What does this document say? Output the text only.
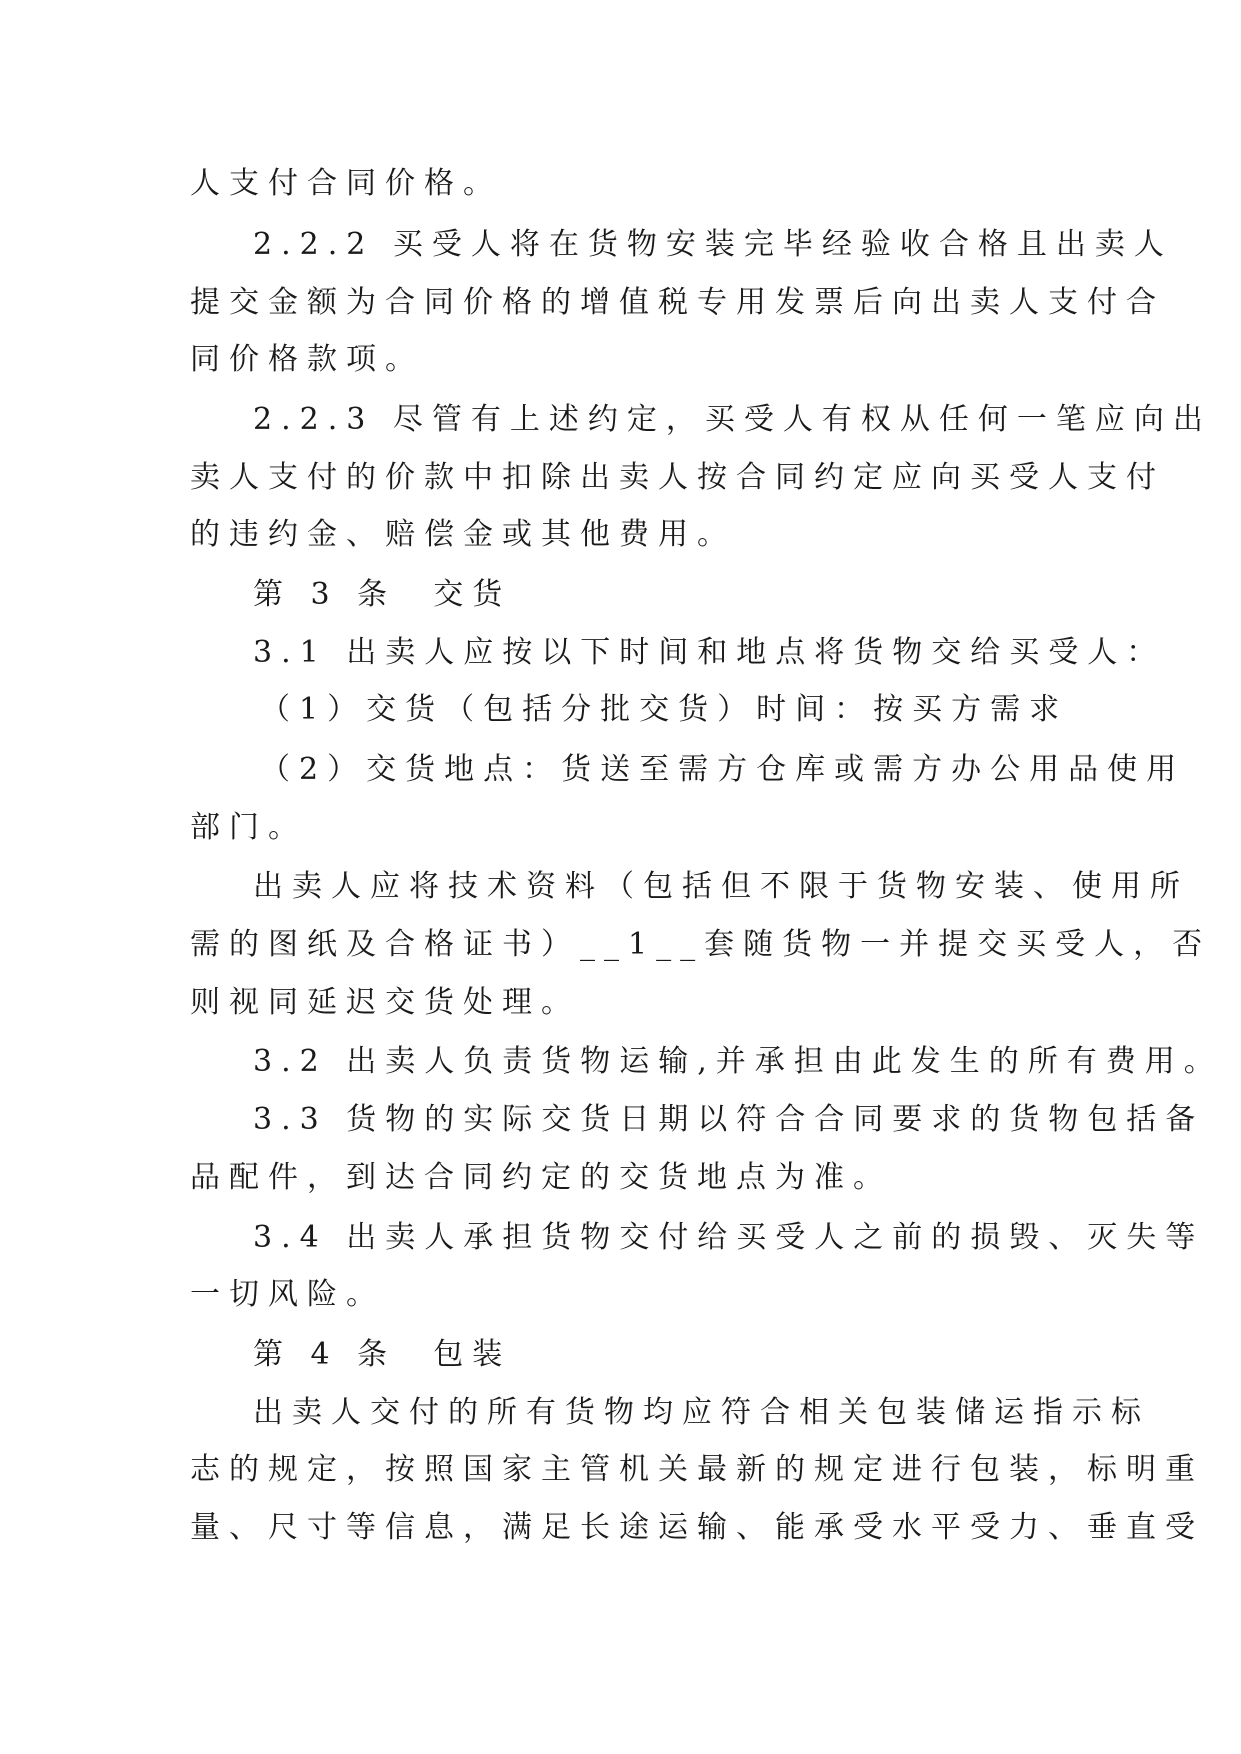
人支付合同价格。
2.2.2 买受人将在货物安装完毕经验收合格且出卖人
提交金额为合同价格的增值税专用发票后向出卖人支付合
同价格款项。
2.2.3 尽管有上述约定，买受人有权从任何一笔应向出
卖人支付的价款中扣除出卖人按合同约定应向买受人支付
的违约金、赔偿金或其他费用。
第 3 条  交货
3.1 出卖人应按以下时间和地点将货物交给买受人：
（1）交货（包括分批交货）时间：按买方需求
（2）交货地点：货送至需方仓库或需方办公用品使用
部门。
出卖人应将技术资料（包括但不限于货物安装、使用所
需的图纸及合格证书）__1__套随货物一并提交买受人，否
则视同延迟交货处理。
3.2 出卖人负责货物运输,并承担由此发生的所有费用。
3.3 货物的实际交货日期以符合合同要求的货物包括备
品配件，到达合同约定的交货地点为准。
3.4 出卖人承担货物交付给买受人之前的损毁、灭失等
一切风险。
第 4 条  包装
出卖人交付的所有货物均应符合相关包装储运指示标
志的规定，按照国家主管机关最新的规定进行包装，标明重
量、尺寸等信息，满足长途运输、能承受水平受力、垂直受
